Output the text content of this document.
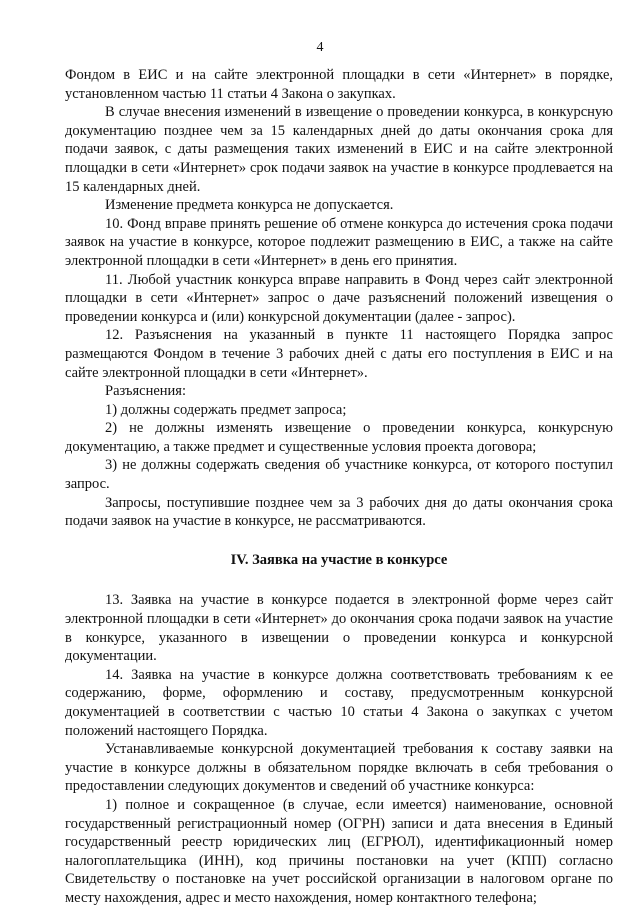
4

Фондом в ЕИС и на сайте электронной площадки в сети «Интернет» в порядке, установленном частью 11 статьи 4 Закона о закупках.

В случае внесения изменений в извещение о проведении конкурса, в конкурсную документацию позднее чем за 15 календарных дней до даты окончания срока для подачи заявок, с даты размещения таких изменений в ЕИС и на сайте электронной площадки в сети «Интернет» срок подачи заявок на участие в конкурсе продлевается на 15 календарных дней.

Изменение предмета конкурса не допускается.

10. Фонд вправе принять решение об отмене конкурса до истечения срока подачи заявок на участие в конкурсе, которое подлежит размещению в ЕИС, а также на сайте электронной площадки в сети «Интернет» в день его принятия.

11. Любой участник конкурса вправе направить в Фонд через сайт электронной площадки в сети «Интернет» запрос о даче разъяснений положений извещения о проведении конкурса и (или) конкурсной документации (далее - запрос).

12. Разъяснения на указанный в пункте 11 настоящего Порядка запрос размещаются Фондом в течение 3 рабочих дней с даты его поступления в ЕИС и на сайте электронной площадки в сети «Интернет».

Разъяснения:

1) должны содержать предмет запроса;

2) не должны изменять извещение о проведении конкурса, конкурсную документацию, а также предмет и существенные условия проекта договора;

3) не должны содержать сведения об участнике конкурса, от которого поступил запрос.

Запросы, поступившие позднее чем за 3 рабочих дня до даты окончания срока подачи заявок на участие в конкурсе, не рассматриваются.

IV. Заявка на участие в конкурсе

13. Заявка на участие в конкурсе подается в электронной форме через сайт электронной площадки в сети «Интернет» до окончания срока подачи заявок на участие в конкурсе, указанного в извещении о проведении конкурса и конкурсной документации.

14. Заявка на участие в конкурсе должна соответствовать требованиям к ее содержанию, форме, оформлению и составу, предусмотренным конкурсной документацией в соответствии с частью 10 статьи 4 Закона о закупках с учетом положений настоящего Порядка.

Устанавливаемые конкурсной документацией требования к составу заявки на участие в конкурсе должны в обязательном порядке включать в себя требования о предоставлении следующих документов и сведений об участнике конкурса:

1) полное и сокращенное (в случае, если имеется) наименование, основной государственный регистрационный номер (ОГРН) записи и дата внесения в Единый государственный реестр юридических лиц (ЕГРЮЛ), идентификационный номер налогоплательщика (ИНН), код причины постановки на учет (КПП) согласно Свидетельству о постановке на учет российской организации в налоговом органе по месту нахождения, адрес и место нахождения, номер контактного телефона;
